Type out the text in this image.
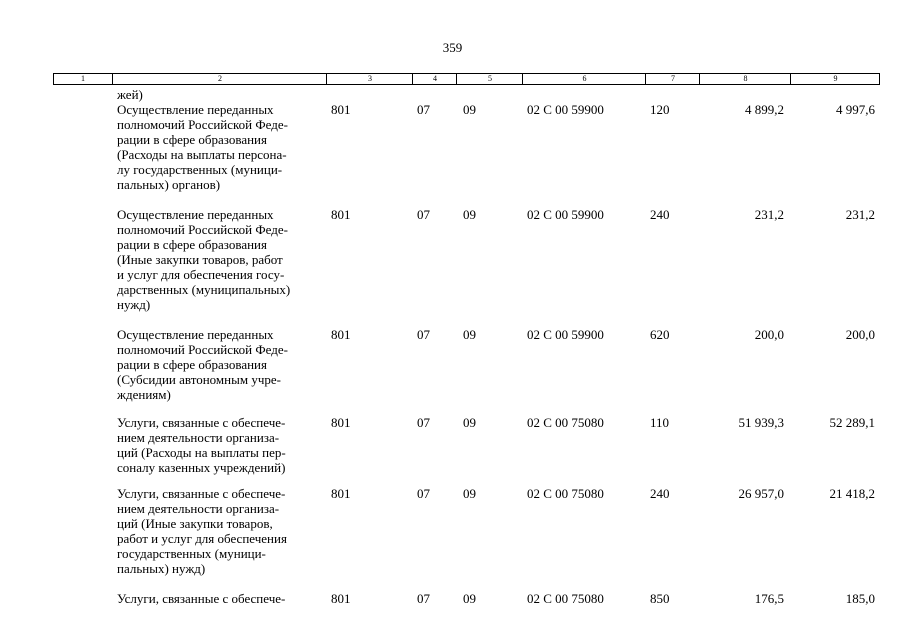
359
1	2	3	4	5	6	7	8	9
жей)
Осуществление переданных
полномочий Российской Феде-
рации в сфере образования
(Расходы на выплаты персона-
лу государственных (муници-
пальных) органов)
801	07	09	02 С 00 59900	120	4 899,2	4 997,6
Осуществление переданных
полномочий Российской Феде-
рации в сфере образования
(Иные закупки товаров, работ
и услуг для обеспечения госу-
дарственных (муниципальных)
нужд)
801	07	09	02 С 00 59900	240	231,2	231,2
Осуществление переданных
полномочий Российской Феде-
рации в сфере образования
(Субсидии автономным учре-
ждениям)
801	07	09	02 С 00 59900	620	200,0	200,0
Услуги, связанные с обеспече-
нием деятельности организа-
ций (Расходы на выплаты пер-
соналу казенных учреждений)
801	07	09	02 С 00 75080	110	51 939,3	52 289,1
Услуги, связанные с обеспече-
нием деятельности организа-
ций (Иные закупки товаров,
работ и услуг для обеспечения
государственных (муници-
пальных) нужд)
801	07	09	02 С 00 75080	240	26 957,0	21 418,2
Услуги, связанные с обеспече-	801	07	09	02 С 00 75080	850	176,5	185,0
